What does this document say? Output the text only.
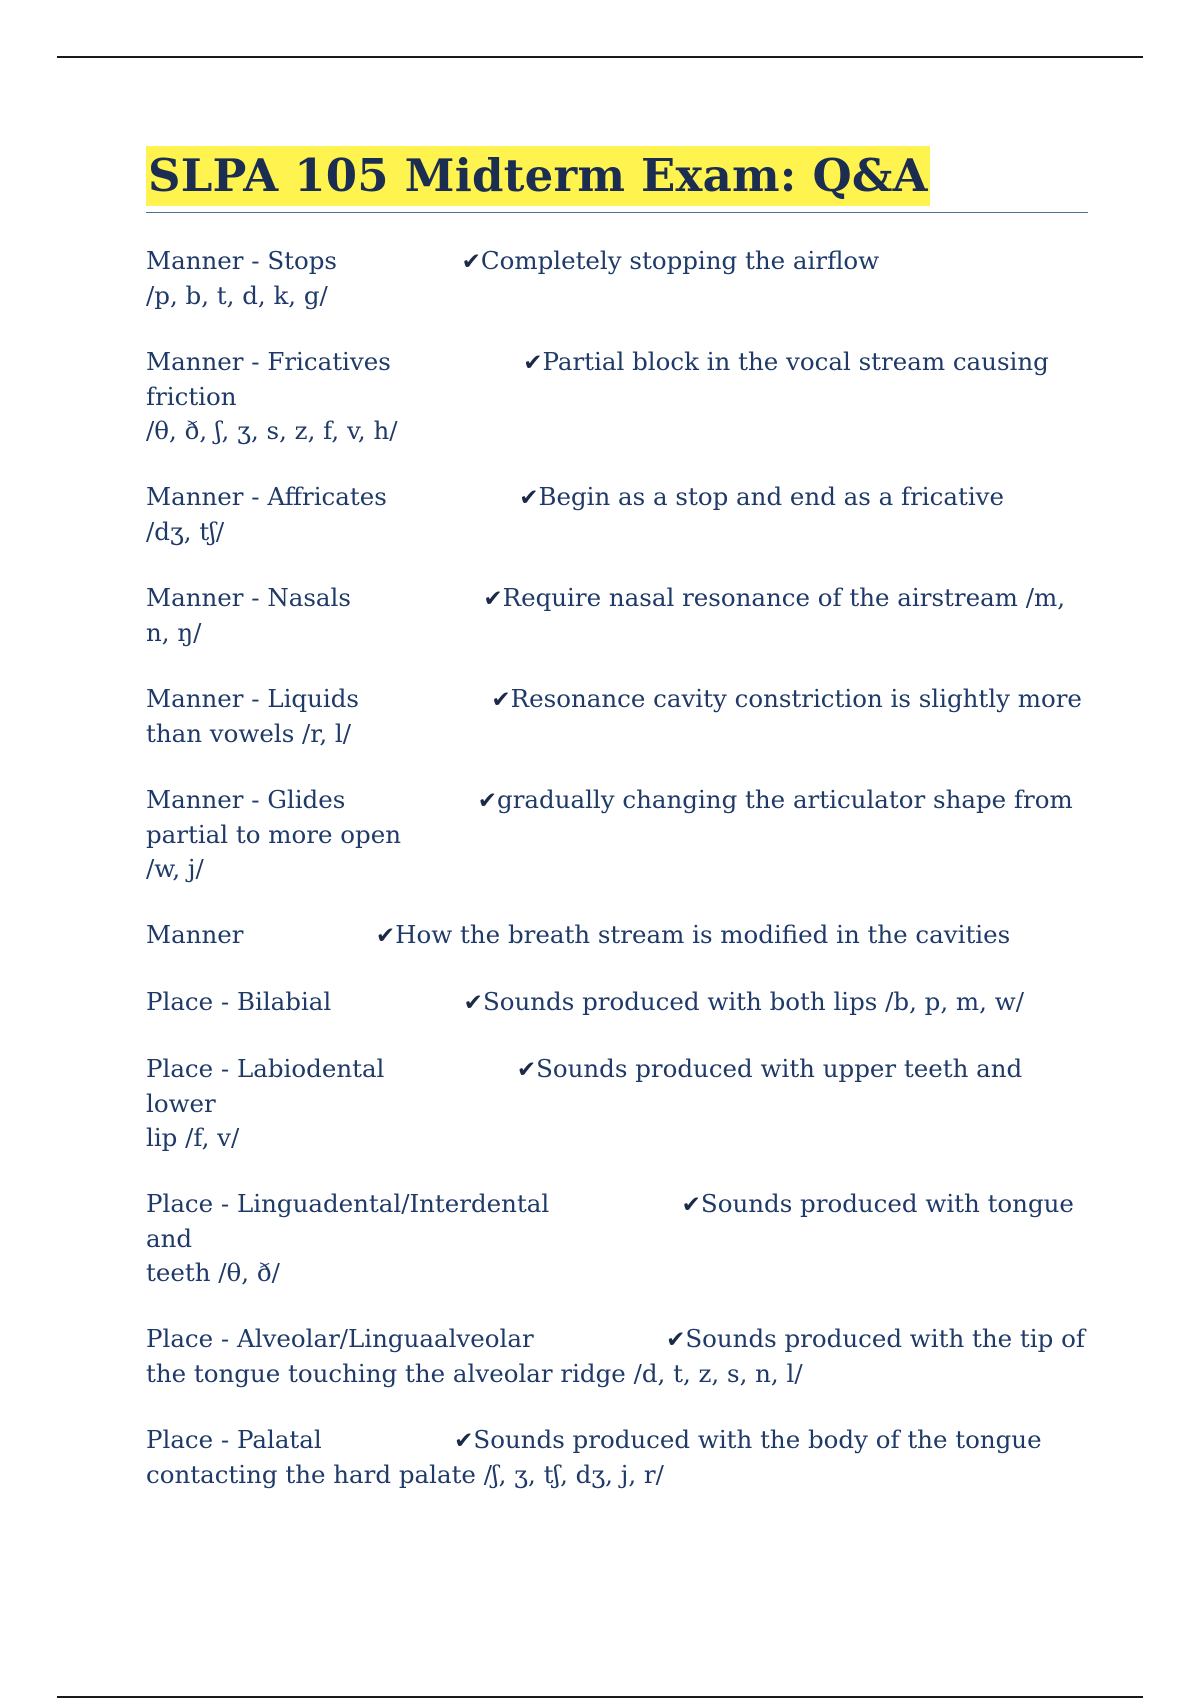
SLPA 105 Midterm Exam: Q&A

Manner - Stops	✔Completely stopping the airflow
/p, b, t, d, k, g/

Manner - Fricatives	✔Partial block in the vocal stream causing
friction
/θ, ð, ʃ, ʒ, s, z, f, v, h/

Manner - Affricates	✔Begin as a stop and end as a fricative
/dʒ, tʃ/

Manner - Nasals	✔Require nasal resonance of the airstream /m, n, ŋ/

Manner - Liquids	✔Resonance cavity constriction is slightly more
than vowels /r, l/

Manner - Glides	✔gradually changing the articulator shape from
partial to more open
/w, j/

Manner	✔How the breath stream is modified in the cavities

Place - Bilabial	✔Sounds produced with both lips /b, p, m, w/

Place - Labiodental	✔Sounds produced with upper teeth and lower
lip /f, v/

Place - Linguadental/Interdental	✔Sounds produced with tongue and
teeth /θ, ð/

Place - Alveolar/Linguaalveolar	✔Sounds produced with the tip of
the tongue touching the alveolar ridge /d, t, z, s, n, l/

Place - Palatal	✔Sounds produced with the body of the tongue
contacting the hard palate /ʃ, ʒ, tʃ, dʒ, j, r/
